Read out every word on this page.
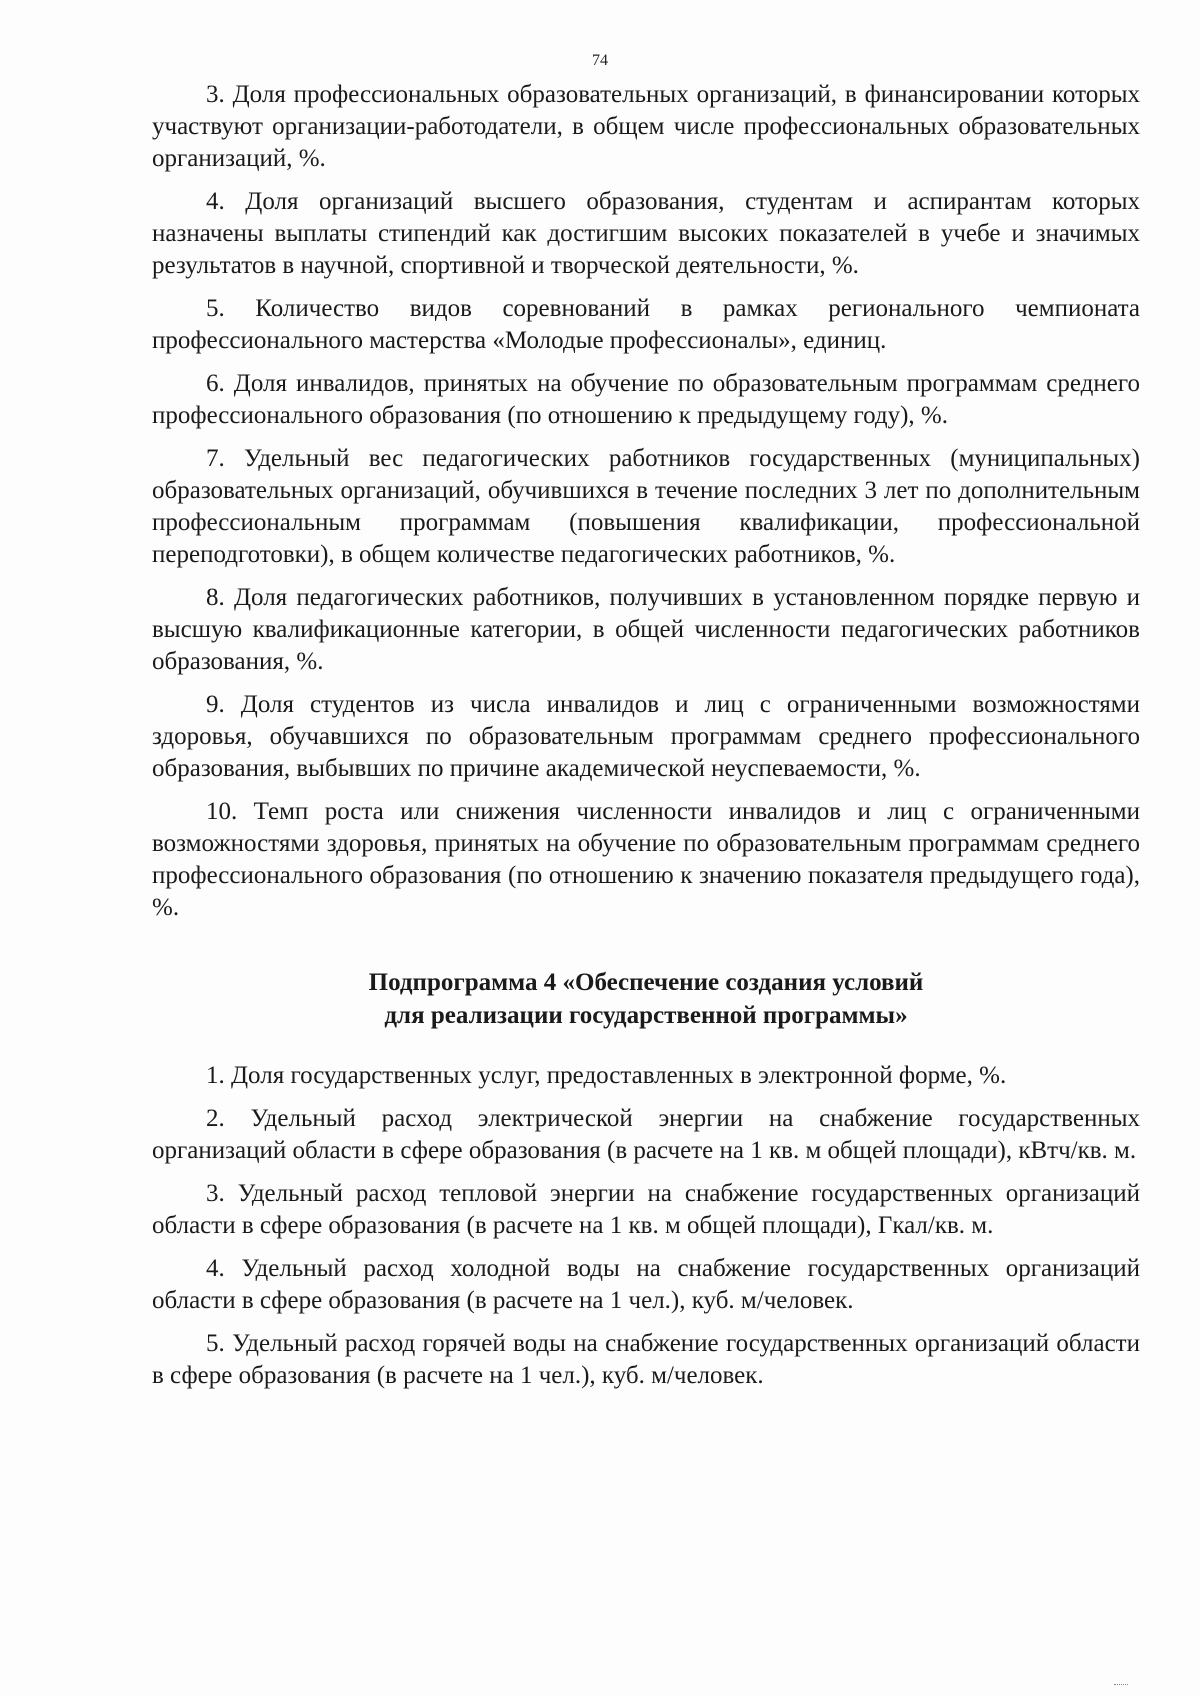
74

3. Доля профессиональных образовательных организаций, в финансировании которых участвуют организации-работодатели, в общем числе профессиональных образовательных организаций, %.

4. Доля организаций высшего образования, студентам и аспирантам которых назначены выплаты стипендий как достигшим высоких показателей в учебе и значимых результатов в научной, спортивной и творческой деятельности, %.

5. Количество видов соревнований в рамках регионального чемпионата профессионального мастерства «Молодые профессионалы», единиц.

6. Доля инвалидов, принятых на обучение по образовательным программам среднего профессионального образования (по отношению к предыдущему году), %.

7. Удельный вес педагогических работников государственных (муниципальных) образовательных организаций, обучившихся в течение последних 3 лет по дополнительным профессиональным программам (повышения квалификации, профессиональной переподготовки), в общем количестве педагогических работников, %.

8. Доля педагогических работников, получивших в установленном порядке первую и высшую квалификационные категории, в общей численности педагогических работников образования, %.

9. Доля студентов из числа инвалидов и лиц с ограниченными возможностями здоровья, обучавшихся по образовательным программам среднего профессионального образования, выбывших по причине академической неуспеваемости, %.

10. Темп роста или снижения численности инвалидов и лиц с ограниченными возможностями здоровья, принятых на обучение по образовательным программам среднего профессионального образования (по отношению к значению показателя предыдущего года), %.

Подпрограмма 4 «Обеспечение создания условий
для реализации государственной программы»

1. Доля государственных услуг, предоставленных в электронной форме, %.

2. Удельный расход электрической энергии на снабжение государственных организаций области в сфере образования (в расчете на 1 кв. м общей площади), кВтч/кв. м.

3. Удельный расход тепловой энергии на снабжение государственных организаций области в сфере образования (в расчете на 1 кв. м общей площади), Гкал/кв. м.

4. Удельный расход холодной воды на снабжение государственных организаций области в сфере образования (в расчете на 1 чел.), куб. м/человек.

5. Удельный расход горячей воды на снабжение государственных организаций области в сфере образования (в расчете на 1 чел.), куб. м/человек.
